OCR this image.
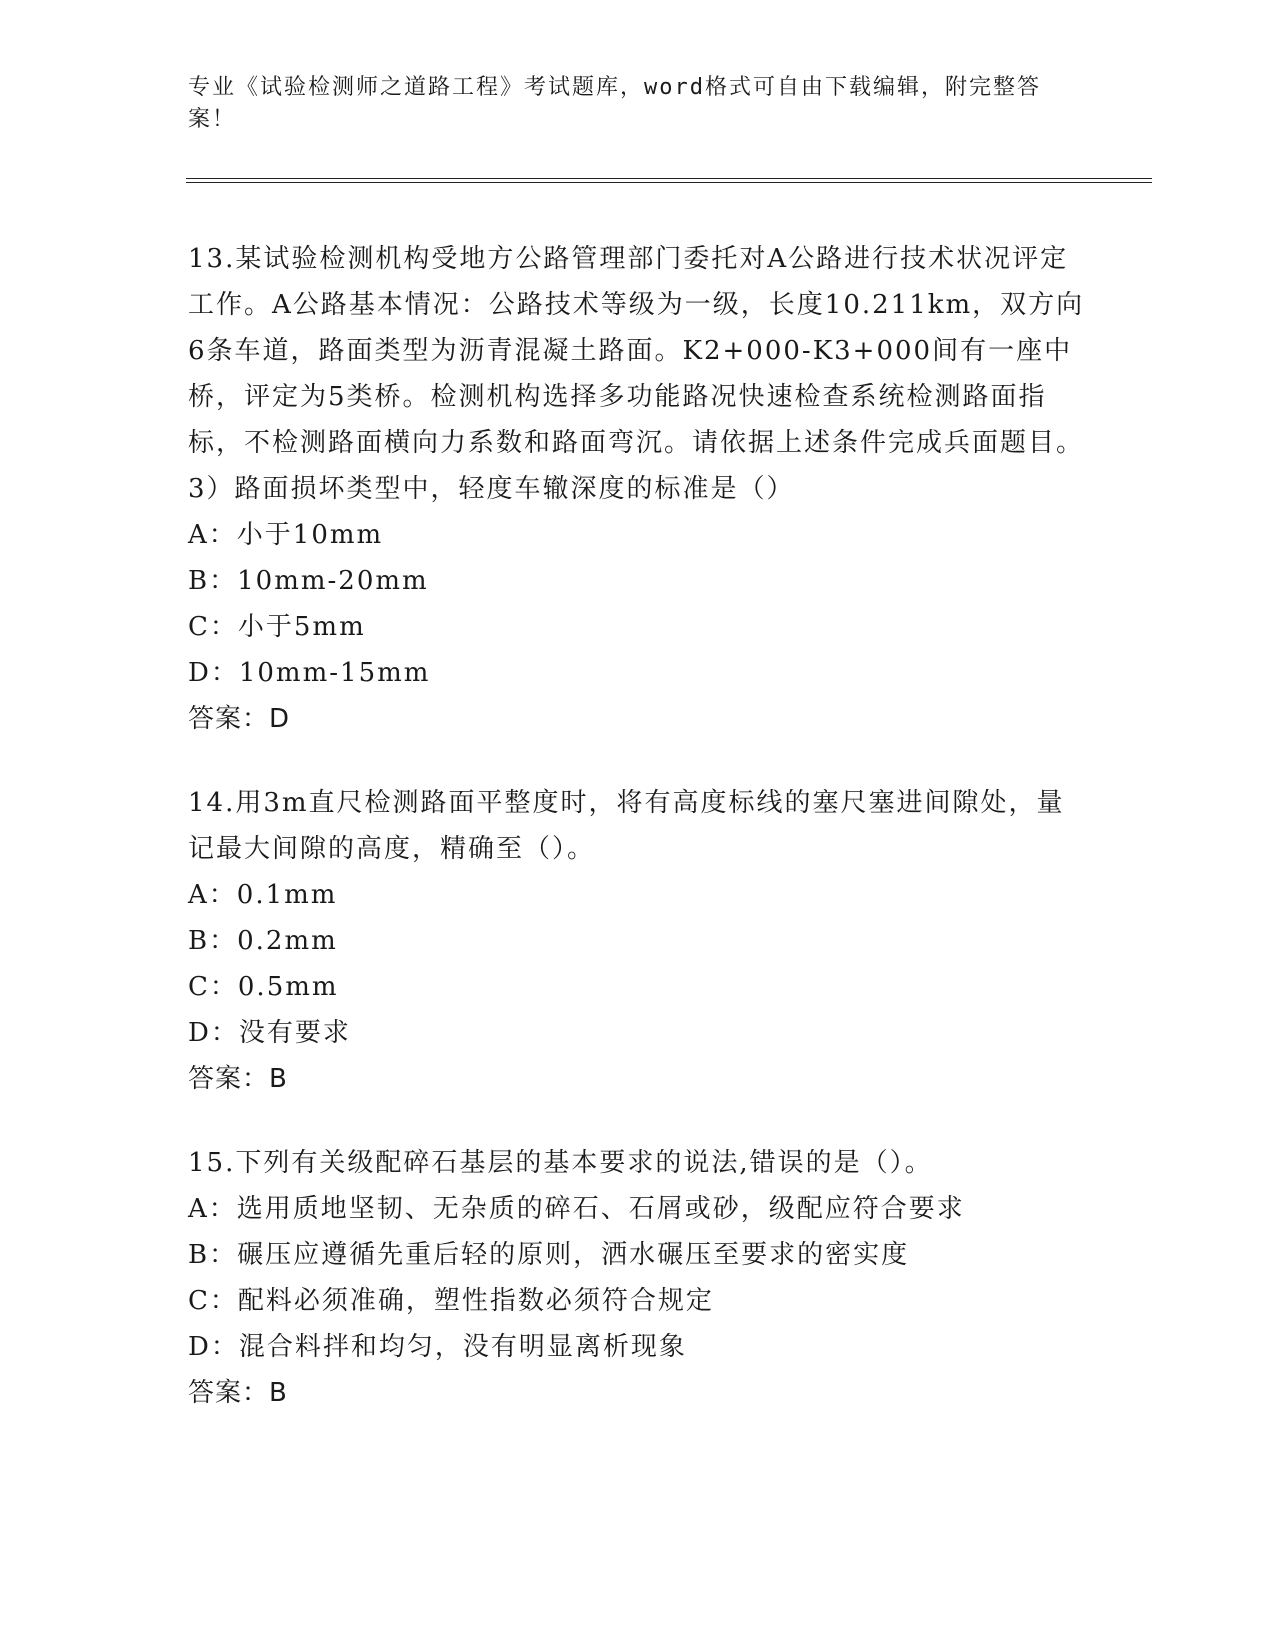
专业《试验检测师之道路工程》考试题库，word格式可自由下载编辑，附完整答案！

13.某试验检测机构受地方公路管理部门委托对A公路进行技术状况评定工作。A公路基本情况：公路技术等级为一级，长度10.211km，双方向6条车道，路面类型为沥青混凝土路面。K2+000-K3+000间有一座中桥，评定为5类桥。检测机构选择多功能路况快速检查系统检测路面指标，不检测路面横向力系数和路面弯沉。请依据上述条件完成兵面题目。3）路面损坏类型中，轻度车辙深度的标准是（）

A：小于10mm

B：10mm-20mm

C：小于5mm

D：10mm-15mm

答案：D

14.用3m直尺检测路面平整度时，将有高度标线的塞尺塞进间隙处，量记最大间隙的高度，精确至（）。

A：0.1mm

B：0.2mm

C：0.5mm

D：没有要求

答案：B

15.下列有关级配碎石基层的基本要求的说法,错误的是（）。

A：选用质地坚韧、无杂质的碎石、石屑或砂，级配应符合要求

B：碾压应遵循先重后轻的原则，洒水碾压至要求的密实度

C：配料必须准确，塑性指数必须符合规定

D：混合料拌和均匀，没有明显离析现象

答案：B
